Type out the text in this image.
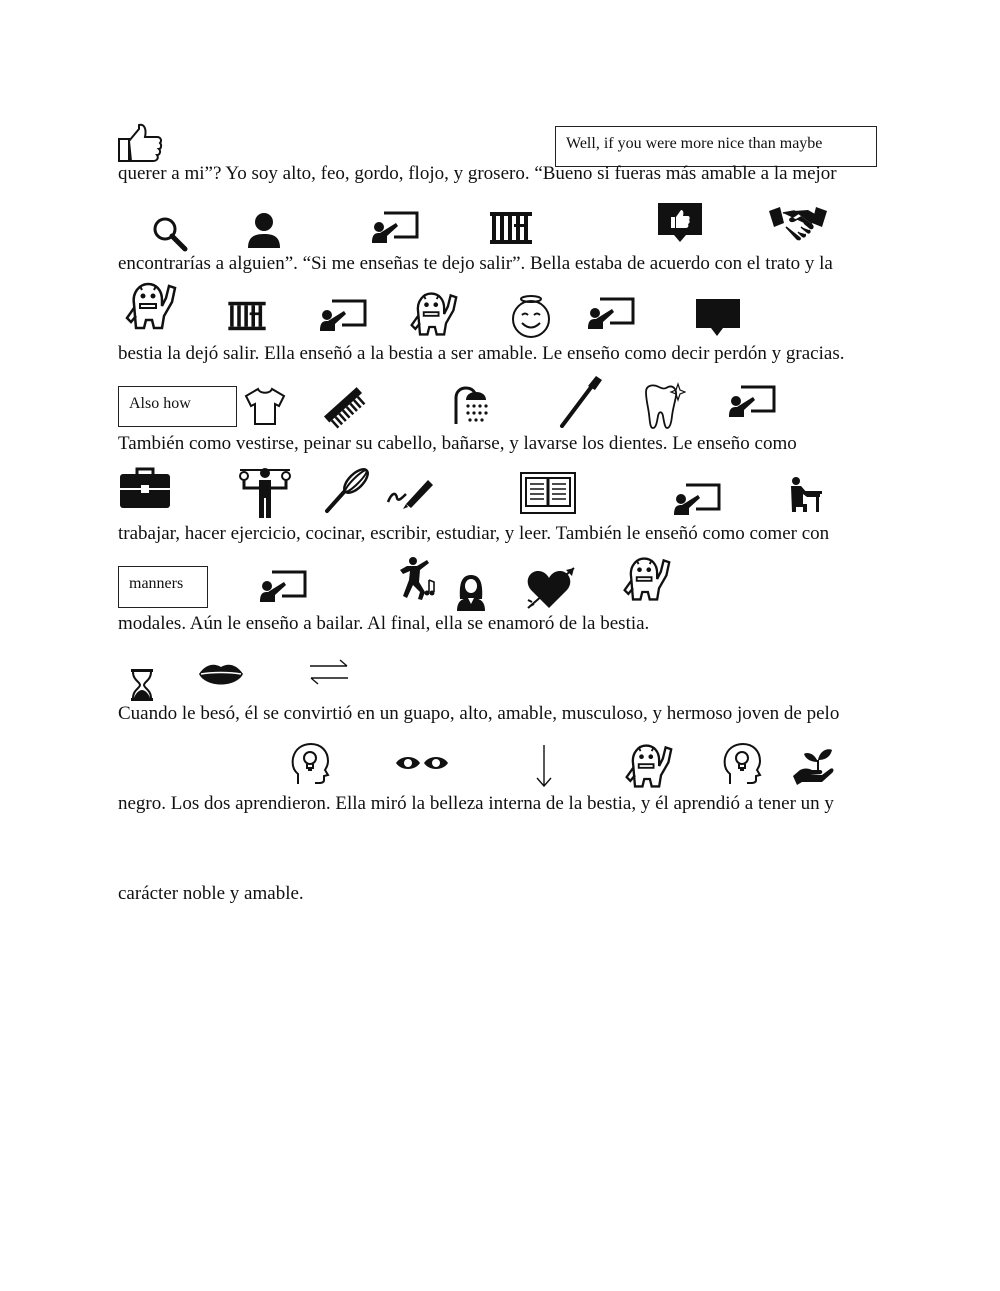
Well, if you were more nice than maybe
Also how
manners
querer a mi”? Yo soy alto, feo, gordo, flojo, y grosero. “Bueno si fueras más amable a la mejor
encontrarías a alguien”. “Si me enseñas te dejo salir”. Bella estaba de acuerdo con el trato y la
bestia la dejó salir. Ella enseñó a la bestia a ser amable. Le enseño como decir perdón y gracias.
También como vestirse, peinar su cabello, bañarse, y lavarse los dientes. Le enseño como
trabajar, hacer ejercicio, cocinar, escribir, estudiar, y leer. También le enseñó como comer con
modales. Aún le enseño a bailar. Al final, ella se enamoró de la bestia.
Cuando le besó, él se convirtió en un guapo, alto, amable, musculoso, y hermoso joven de pelo
negro. Los dos aprendieron. Ella miró la belleza interna de la bestia, y él aprendió a tener un y
carácter noble y amable.
